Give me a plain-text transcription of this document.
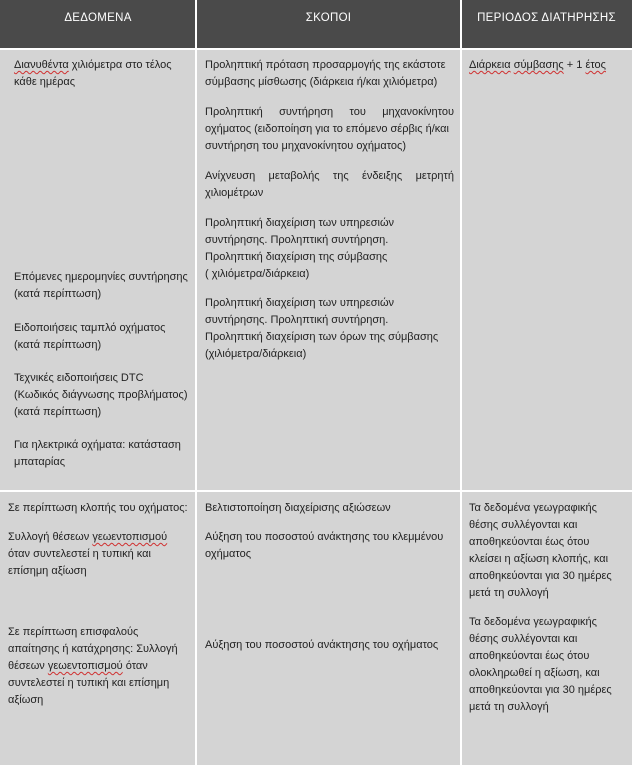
ΔΕΔΟΜΕΝΑ	ΣΚΟΠΟΙ	ΠΕΡΙΟΔΟΣ ΔΙΑΤΗΡΗΣΗΣ
Διανυθέντα χιλιόμετρα στο τέλος
κάθε ημέρας
Επόμενες ημερομηνίες συντήρησης
(κατά περίπτωση)
Ειδοποιήσεις ταμπλό οχήματος
(κατά περίπτωση)
Τεχνικές ειδοποιήσεις DTC
(Κωδικός διάγνωσης προβλήματος)
(κατά περίπτωση)
Για ηλεκτρικά οχήματα: κατάσταση
μπαταρίας
Προληπτική πρόταση προσαρμογής της εκάστοτε
σύμβασης μίσθωσης (διάρκεια ή/και χιλιόμετρα)
Προληπτική συντήρηση του μηχανοκίνητου
οχήματος (ειδοποίηση για το επόμενο σέρβις ή/και
συντήρηση του μηχανοκίνητου οχήματος)
Ανίχνευση μεταβολής της ένδειξης μετρητή
χιλιομέτρων
Προληπτική διαχείριση των υπηρεσιών
συντήρησης. Προληπτική συντήρηση.
Προληπτική διαχείριση της σύμβασης
( χιλιόμετρα/διάρκεια)
Προληπτική διαχείριση των υπηρεσιών
συντήρησης. Προληπτική συντήρηση.
Προληπτική διαχείριση των όρων της σύμβασης
(χιλιόμετρα/διάρκεια)
Διάρκεια σύμβασης + 1 έτος
Σε περίπτωση κλοπής του οχήματος:
Συλλογή θέσεων γεωεντοπισμού
όταν συντελεστεί η τυπική και
επίσημη αξίωση
Σε περίπτωση επισφαλούς
απαίτησης ή κατάχρησης: Συλλογή
θέσεων γεωεντοπισμού όταν
συντελεστεί η τυπική και επίσημη
αξίωση
Βελτιστοποίηση διαχείρισης αξιώσεων
Αύξηση του ποσοστού ανάκτησης του κλεμμένου
οχήματος
Αύξηση του ποσοστού ανάκτησης του οχήματος
Τα δεδομένα γεωγραφικής
θέσης συλλέγονται και
αποθηκεύονται έως ότου
κλείσει η αξίωση κλοπής, και
αποθηκεύονται για 30 ημέρες
μετά τη συλλογή
Τα δεδομένα γεωγραφικής
θέσης συλλέγονται και
αποθηκεύονται έως ότου
ολοκληρωθεί η αξίωση, και
αποθηκεύονται για 30 ημέρες
μετά τη συλλογή
